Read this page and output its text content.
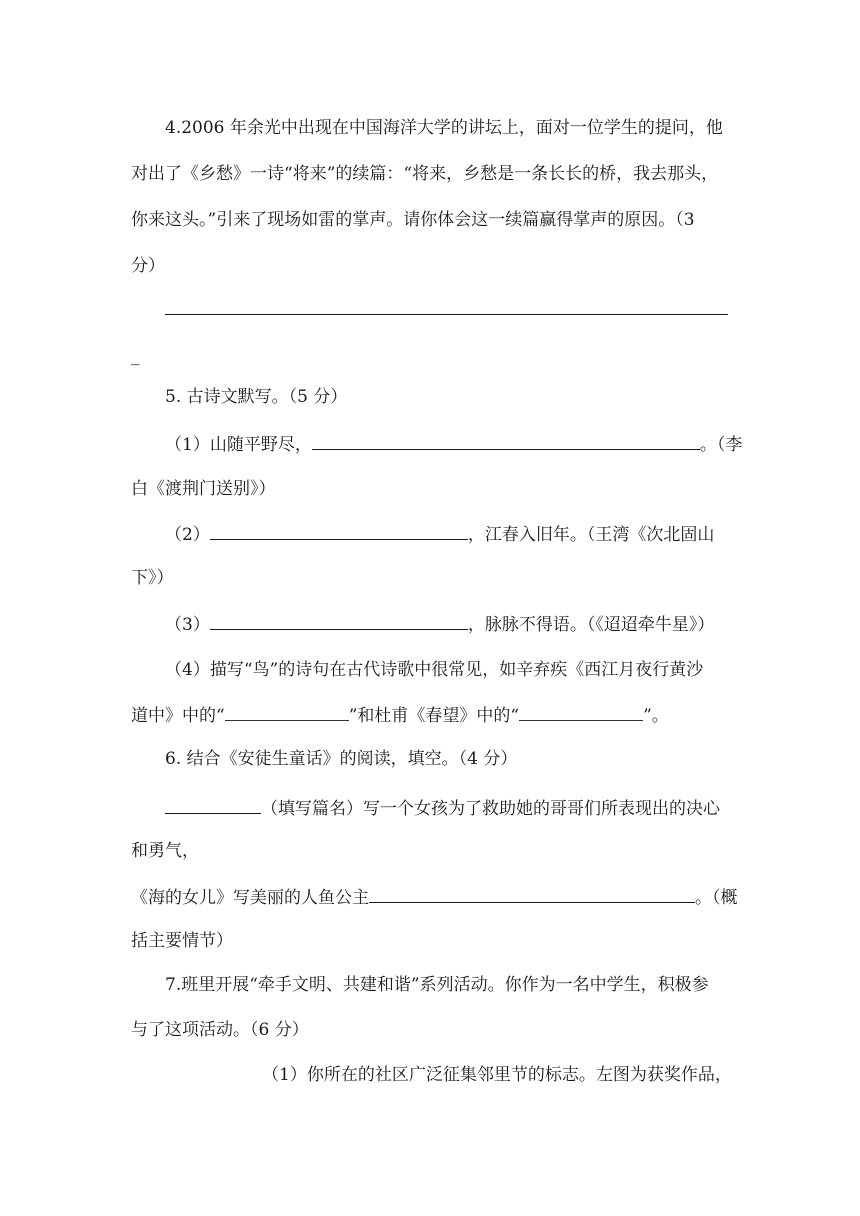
4.2006 年余光中出现在中国海洋大学的讲坛上，面对一位学生的提问，他
对出了《乡愁》一诗“将来”的续篇：“将来，乡愁是一条长长的桥，我去那头，
你来这头。”引来了现场如雷的掌声。请你体会这一续篇赢得掌声的原因。（3
分）
_
5. 古诗文默写。（5 分）
（1）山随平野尽，	。（李
白《渡荆门送别》）
（2）	，江春入旧年。（王湾《次北固山
下》）
（3）	，脉脉不得语。（《迢迢牵牛星》）
（4）描写“鸟”的诗句在古代诗歌中很常见，如辛弃疾《西江月夜行黄沙
道中》中的“	”和杜甫《春望》中的“	”。
6. 结合《安徒生童话》的阅读，填空。（4 分）
（填写篇名）写一个女孩为了救助她的哥哥们所表现出的决心
和勇气，
《海的女儿》写美丽的人鱼公主	。（概
括主要情节）
7.班里开展“牵手文明、共建和谐”系列活动。你作为一名中学生，积极参
与了这项活动。（6 分）
（1）你所在的社区广泛征集邻里节的标志。左图为获奖作品，
